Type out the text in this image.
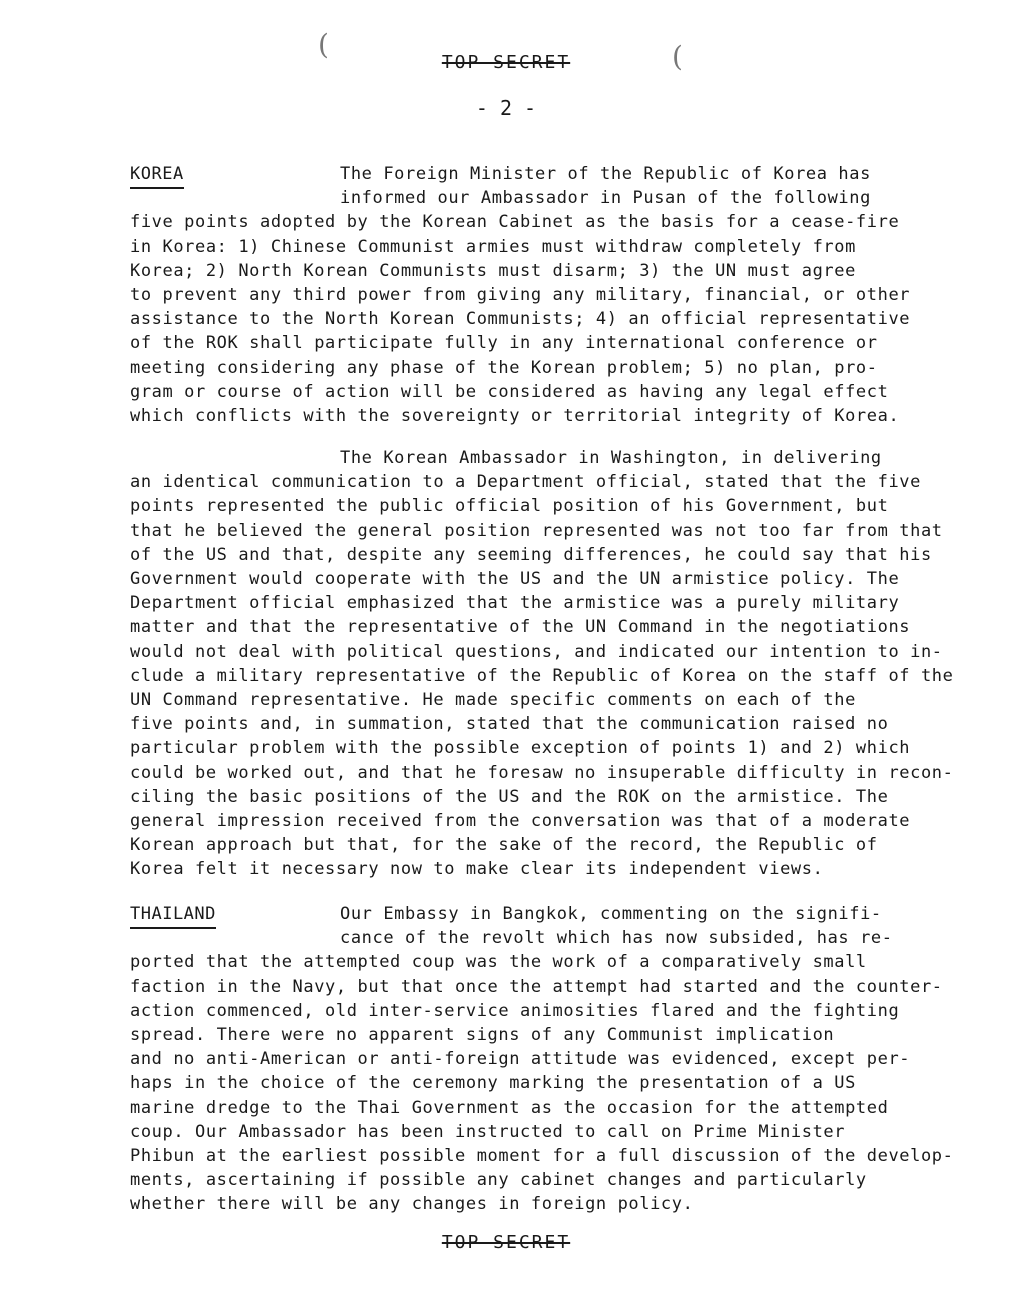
(	(
TOP SECRET
- 2 -
KOREA	The Foreign Minister of the Republic of Korea has
informed our Ambassador in Pusan of the following
five points adopted by the Korean Cabinet as the basis for a cease-fire
in Korea: 1) Chinese Communist armies must withdraw completely from
Korea; 2) North Korean Communists must disarm; 3) the UN must agree
to prevent any third power from giving any military, financial, or other
assistance to the North Korean Communists; 4) an official representative
of the ROK shall participate fully in any international conference or
meeting considering any phase of the Korean problem; 5) no plan, pro-
gram or course of action will be considered as having any legal effect
which conflicts with the sovereignty or territorial integrity of Korea.
The Korean Ambassador in Washington, in delivering
an identical communication to a Department official, stated that the five
points represented the public official position of his Government, but
that he believed the general position represented was not too far from that
of the US and that, despite any seeming differences, he could say that his
Government would cooperate with the US and the UN armistice policy. The
Department official emphasized that the armistice was a purely military
matter and that the representative of the UN Command in the negotiations
would not deal with political questions, and indicated our intention to in-
clude a military representative of the Republic of Korea on the staff of the
UN Command representative. He made specific comments on each of the
five points and, in summation, stated that the communication raised no
particular problem with the possible exception of points 1) and 2) which
could be worked out, and that he foresaw no insuperable difficulty in recon-
ciling the basic positions of the US and the ROK on the armistice. The
general impression received from the conversation was that of a moderate
Korean approach but that, for the sake of the record, the Republic of
Korea felt it necessary now to make clear its independent views.
THAILAND	Our Embassy in Bangkok, commenting on the signifi-
cance of the revolt which has now subsided, has re-
ported that the attempted coup was the work of a comparatively small
faction in the Navy, but that once the attempt had started and the counter-
action commenced, old inter-service animosities flared and the fighting
spread. There were no apparent signs of any Communist implication
and no anti-American or anti-foreign attitude was evidenced, except per-
haps in the choice of the ceremony marking the presentation of a US
marine dredge to the Thai Government as the occasion for the attempted
coup. Our Ambassador has been instructed to call on Prime Minister
Phibun at the earliest possible moment for a full discussion of the develop-
ments, ascertaining if possible any cabinet changes and particularly
whether there will be any changes in foreign policy.
TOP SECRET
